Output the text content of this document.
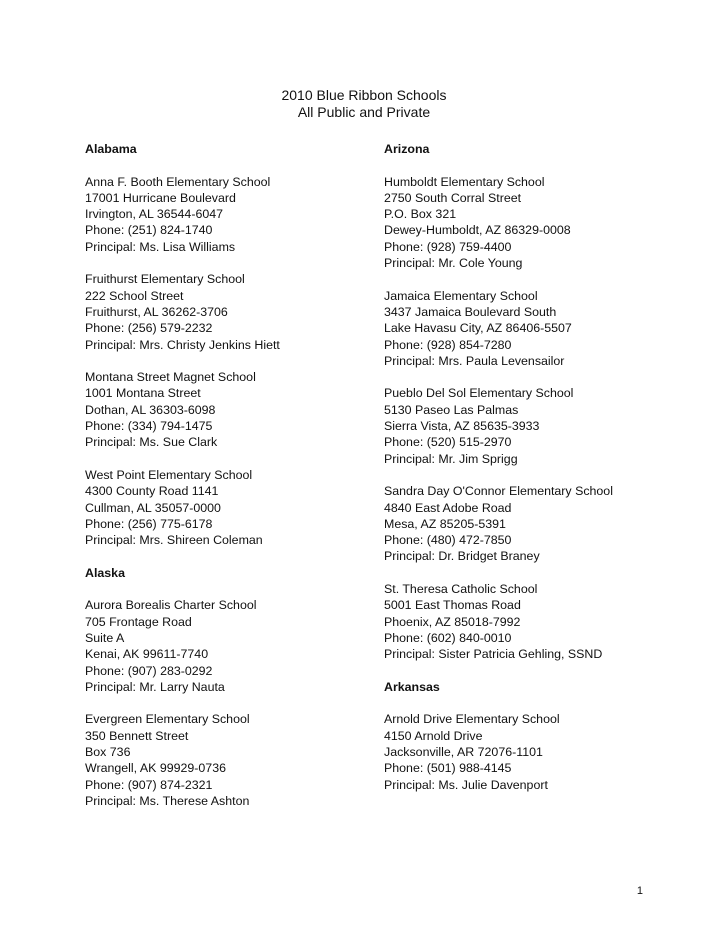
2010 Blue Ribbon Schools
All Public and Private
Alabama
Anna F. Booth Elementary School
17001 Hurricane Boulevard
Irvington, AL 36544-6047
Phone: (251) 824-1740
Principal: Ms. Lisa Williams
Fruithurst Elementary School
222 School Street
Fruithurst, AL 36262-3706
Phone: (256) 579-2232
Principal: Mrs. Christy Jenkins Hiett
Montana Street Magnet School
1001 Montana Street
Dothan, AL 36303-6098
Phone: (334) 794-1475
Principal: Ms. Sue Clark
West Point Elementary School
4300 County Road 1141
Cullman, AL 35057-0000
Phone: (256) 775-6178
Principal: Mrs. Shireen Coleman
Alaska
Aurora Borealis Charter School
705 Frontage Road
Suite A
Kenai, AK 99611-7740
Phone: (907) 283-0292
Principal: Mr. Larry Nauta
Evergreen Elementary School
350 Bennett Street
Box 736
Wrangell, AK 99929-0736
Phone: (907) 874-2321
Principal: Ms. Therese Ashton
Arizona
Humboldt Elementary School
2750 South Corral Street
P.O. Box 321
Dewey-Humboldt, AZ 86329-0008
Phone: (928) 759-4400
Principal: Mr. Cole Young
Jamaica Elementary School
3437 Jamaica Boulevard South
Lake Havasu City, AZ 86406-5507
Phone: (928) 854-7280
Principal: Mrs. Paula Levensailor
Pueblo Del Sol Elementary School
5130 Paseo Las Palmas
Sierra Vista, AZ 85635-3933
Phone: (520) 515-2970
Principal: Mr. Jim Sprigg
Sandra Day O'Connor Elementary School
4840 East Adobe Road
Mesa, AZ 85205-5391
Phone: (480) 472-7850
Principal: Dr. Bridget Braney
St. Theresa Catholic School
5001 East Thomas Road
Phoenix, AZ 85018-7992
Phone: (602) 840-0010
Principal: Sister Patricia Gehling, SSND
Arkansas
Arnold Drive Elementary School
4150 Arnold Drive
Jacksonville, AR 72076-1101
Phone: (501) 988-4145
Principal: Ms. Julie Davenport
1
